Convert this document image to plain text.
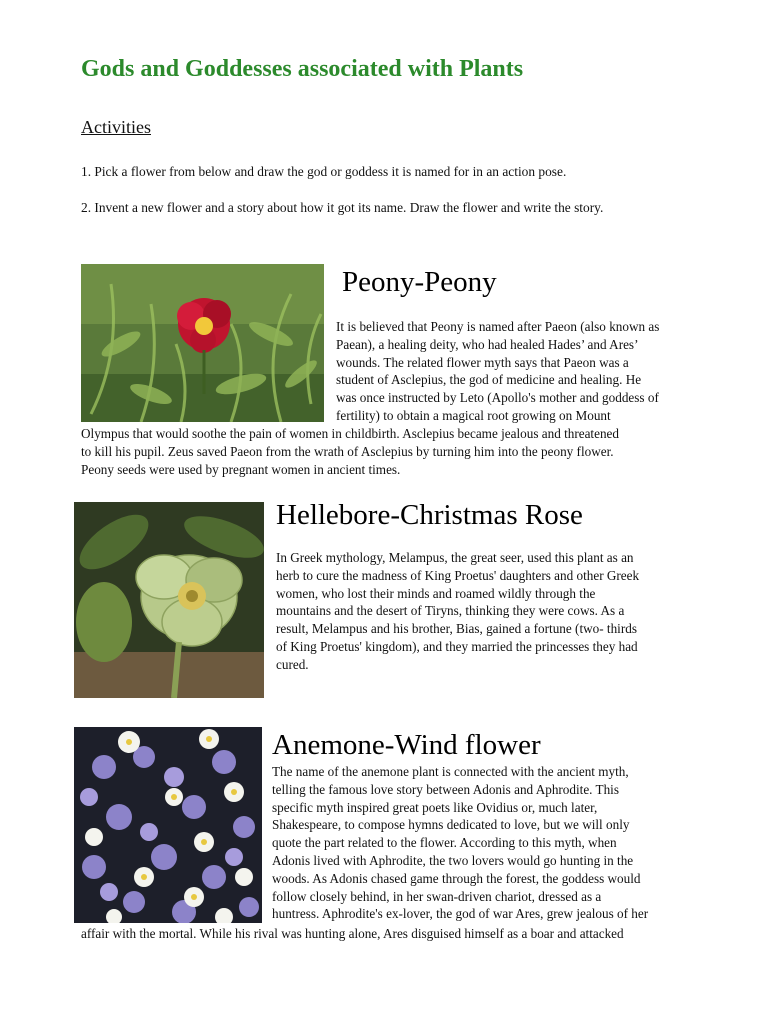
Gods and Goddesses associated with Plants
Activities
1. Pick a flower from below and draw the god or goddess it is named for in an action pose.
2. Invent a new flower and a story about how it got its name. Draw the flower and write the story.
Peony-Peony
It is believed that Peony is named after Paeon (also known as
Paean), a healing deity, who had healed Hades’ and Ares’
wounds. The related flower myth says that Paeon was a
student of Asclepius, the god of medicine and healing. He
was once instructed by Leto (Apollo's mother and goddess of
fertility) to obtain a magical root growing on Mount
Olympus that would soothe the pain of women in childbirth. Asclepius became jealous and threatened
to kill his pupil. Zeus saved Paeon from the wrath of Asclepius by turning him into the peony flower.
Peony seeds were used by pregnant women in ancient times.
Hellebore-Christmas Rose
In Greek mythology, Melampus, the great seer, used this plant as an
herb to cure the madness of King Proetus' daughters and other Greek
women, who lost their minds and roamed wildly through the
mountains and the desert of Tiryns, thinking they were cows. As a
result, Melampus and his brother, Bias, gained a fortune (two- thirds
of King Proetus' kingdom), and they married the princesses they had
cured.
Anemone-Wind flower
The name of the anemone plant is connected with the ancient myth,
telling the famous love story between Adonis and Aphrodite. This
specific myth inspired great poets like Ovidius or, much later,
Shakespeare, to compose hymns dedicated to love, but we will only
quote the part related to the flower. According to this myth, when
Adonis lived with Aphrodite, the two lovers would go hunting in the
woods. As Adonis chased game through the forest, the goddess would
follow closely behind, in her swan-driven chariot, dressed as a
huntress. Aphrodite's ex-lover, the god of war Ares, grew jealous of her
affair with the mortal. While his rival was hunting alone, Ares disguised himself as a boar and attacked
